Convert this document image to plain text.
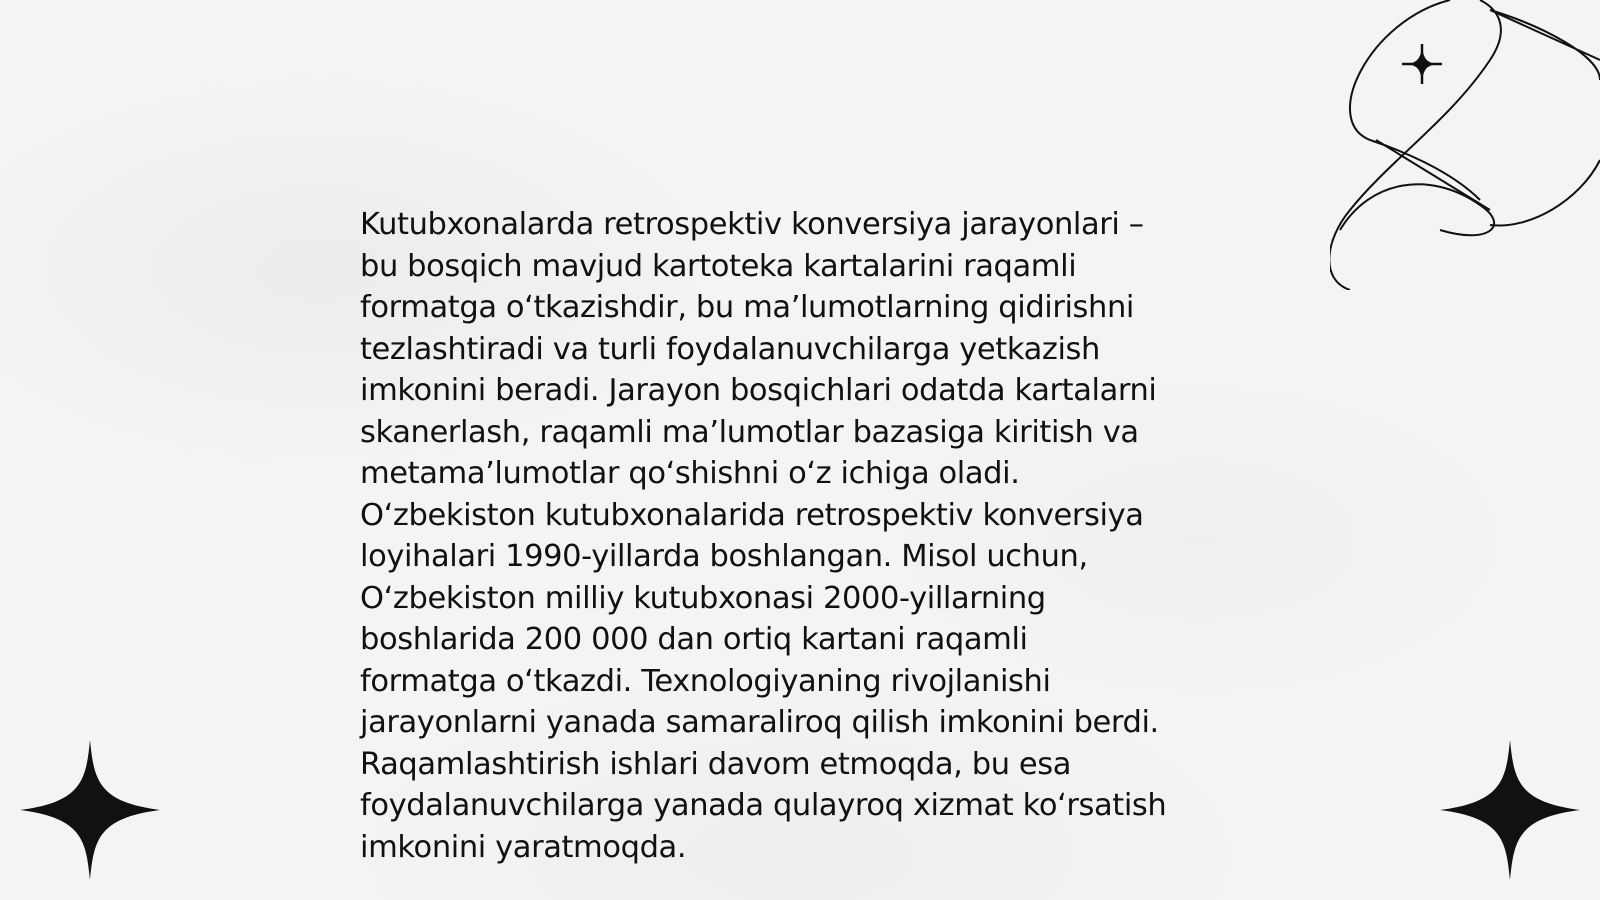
Kutubxonalarda retrospektiv konversiya jarayonlari –
bu bosqich mavjud kartoteka kartalarini raqamli
formatga o‘tkazishdir, bu ma’lumotlarning qidirishni
tezlashtiradi va turli foydalanuvchilarga yetkazish
imkonini beradi. Jarayon bosqichlari odatda kartalarni
skanerlash, raqamli ma’lumotlar bazasiga kiritish va
metama’lumotlar qo‘shishni o‘z ichiga oladi.
O‘zbekiston kutubxonalarida retrospektiv konversiya
loyihalari 1990-yillarda boshlangan. Misol uchun,
O‘zbekiston milliy kutubxonasi 2000-yillarning
boshlarida 200 000 dan ortiq kartani raqamli
formatga o‘tkazdi. Texnologiyaning rivojlanishi
jarayonlarni yanada samaraliroq qilish imkonini berdi.
Raqamlashtirish ishlari davom etmoqda, bu esa
foydalanuvchilarga yanada qulayroq xizmat ko‘rsatish
imkonini yaratmoqda.
